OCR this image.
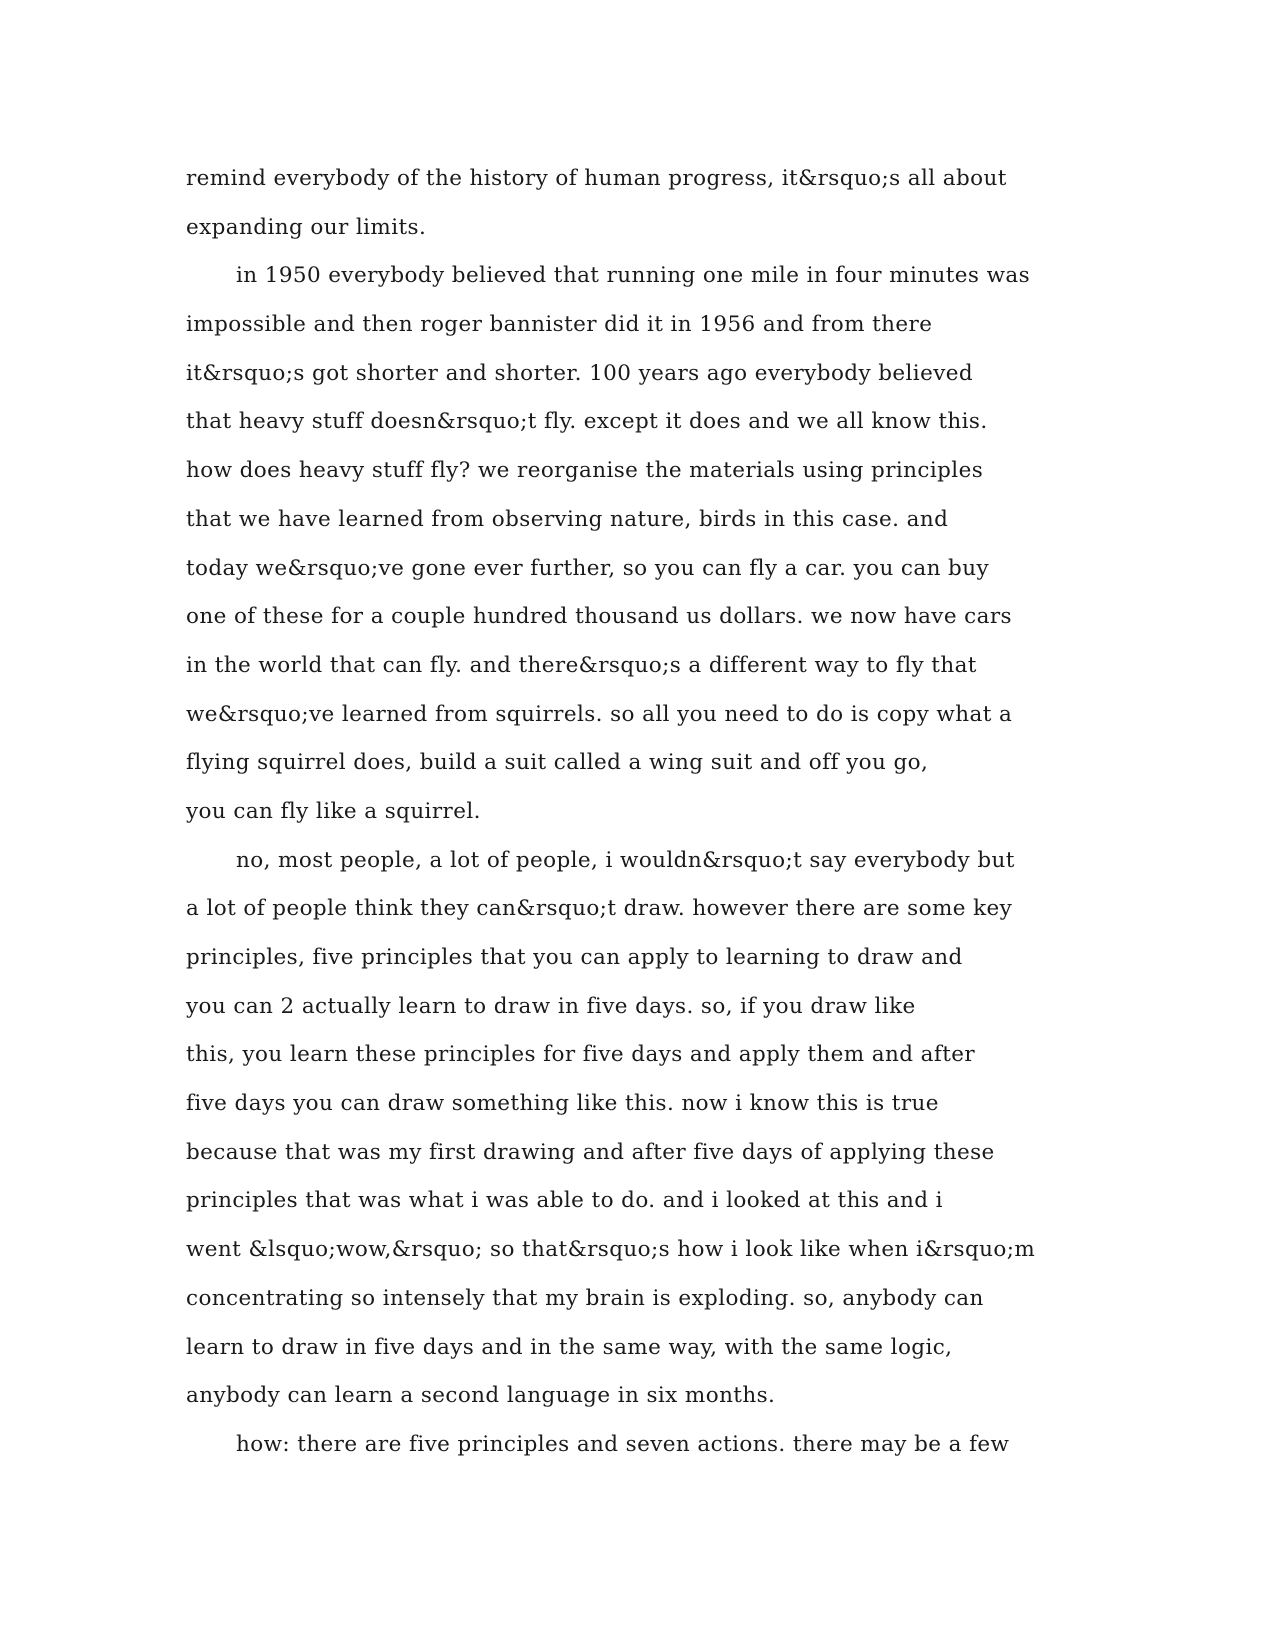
remind everybody of the history of human progress, it&rsquo;s all about
expanding our limits.

in 1950 everybody believed that running one mile in four minutes was
impossible and then roger bannister did it in 1956 and from there
it&rsquo;s got shorter and shorter. 100 years ago everybody believed
that heavy stuff doesn&rsquo;t fly. except it does and we all know this.
how does heavy stuff fly? we reorganise the materials using principles
that we have learned from observing nature, birds in this case. and
today we&rsquo;ve gone ever further, so you can fly a car. you can buy
one of these for a couple hundred thousand us dollars. we now have cars
in the world that can fly. and there&rsquo;s a different way to fly that
we&rsquo;ve learned from squirrels. so all you need to do is copy what a
flying squirrel does, build a suit called a wing suit and off you go,
you can fly like a squirrel.

no, most people, a lot of people, i wouldn&rsquo;t say everybody but
a lot of people think they can&rsquo;t draw. however there are some key
principles, five principles that you can apply to learning to draw and
you can 2 actually learn to draw in five days. so, if you draw like
this, you learn these principles for five days and apply them and after
five days you can draw something like this. now i know this is true
because that was my first drawing and after five days of applying these
principles that was what i was able to do. and i looked at this and i
went &lsquo;wow,&rsquo; so that&rsquo;s how i look like when i&rsquo;m
concentrating so intensely that my brain is exploding. so, anybody can
learn to draw in five days and in the same way, with the same logic,
anybody can learn a second language in six months.

how: there are five principles and seven actions. there may be a few
